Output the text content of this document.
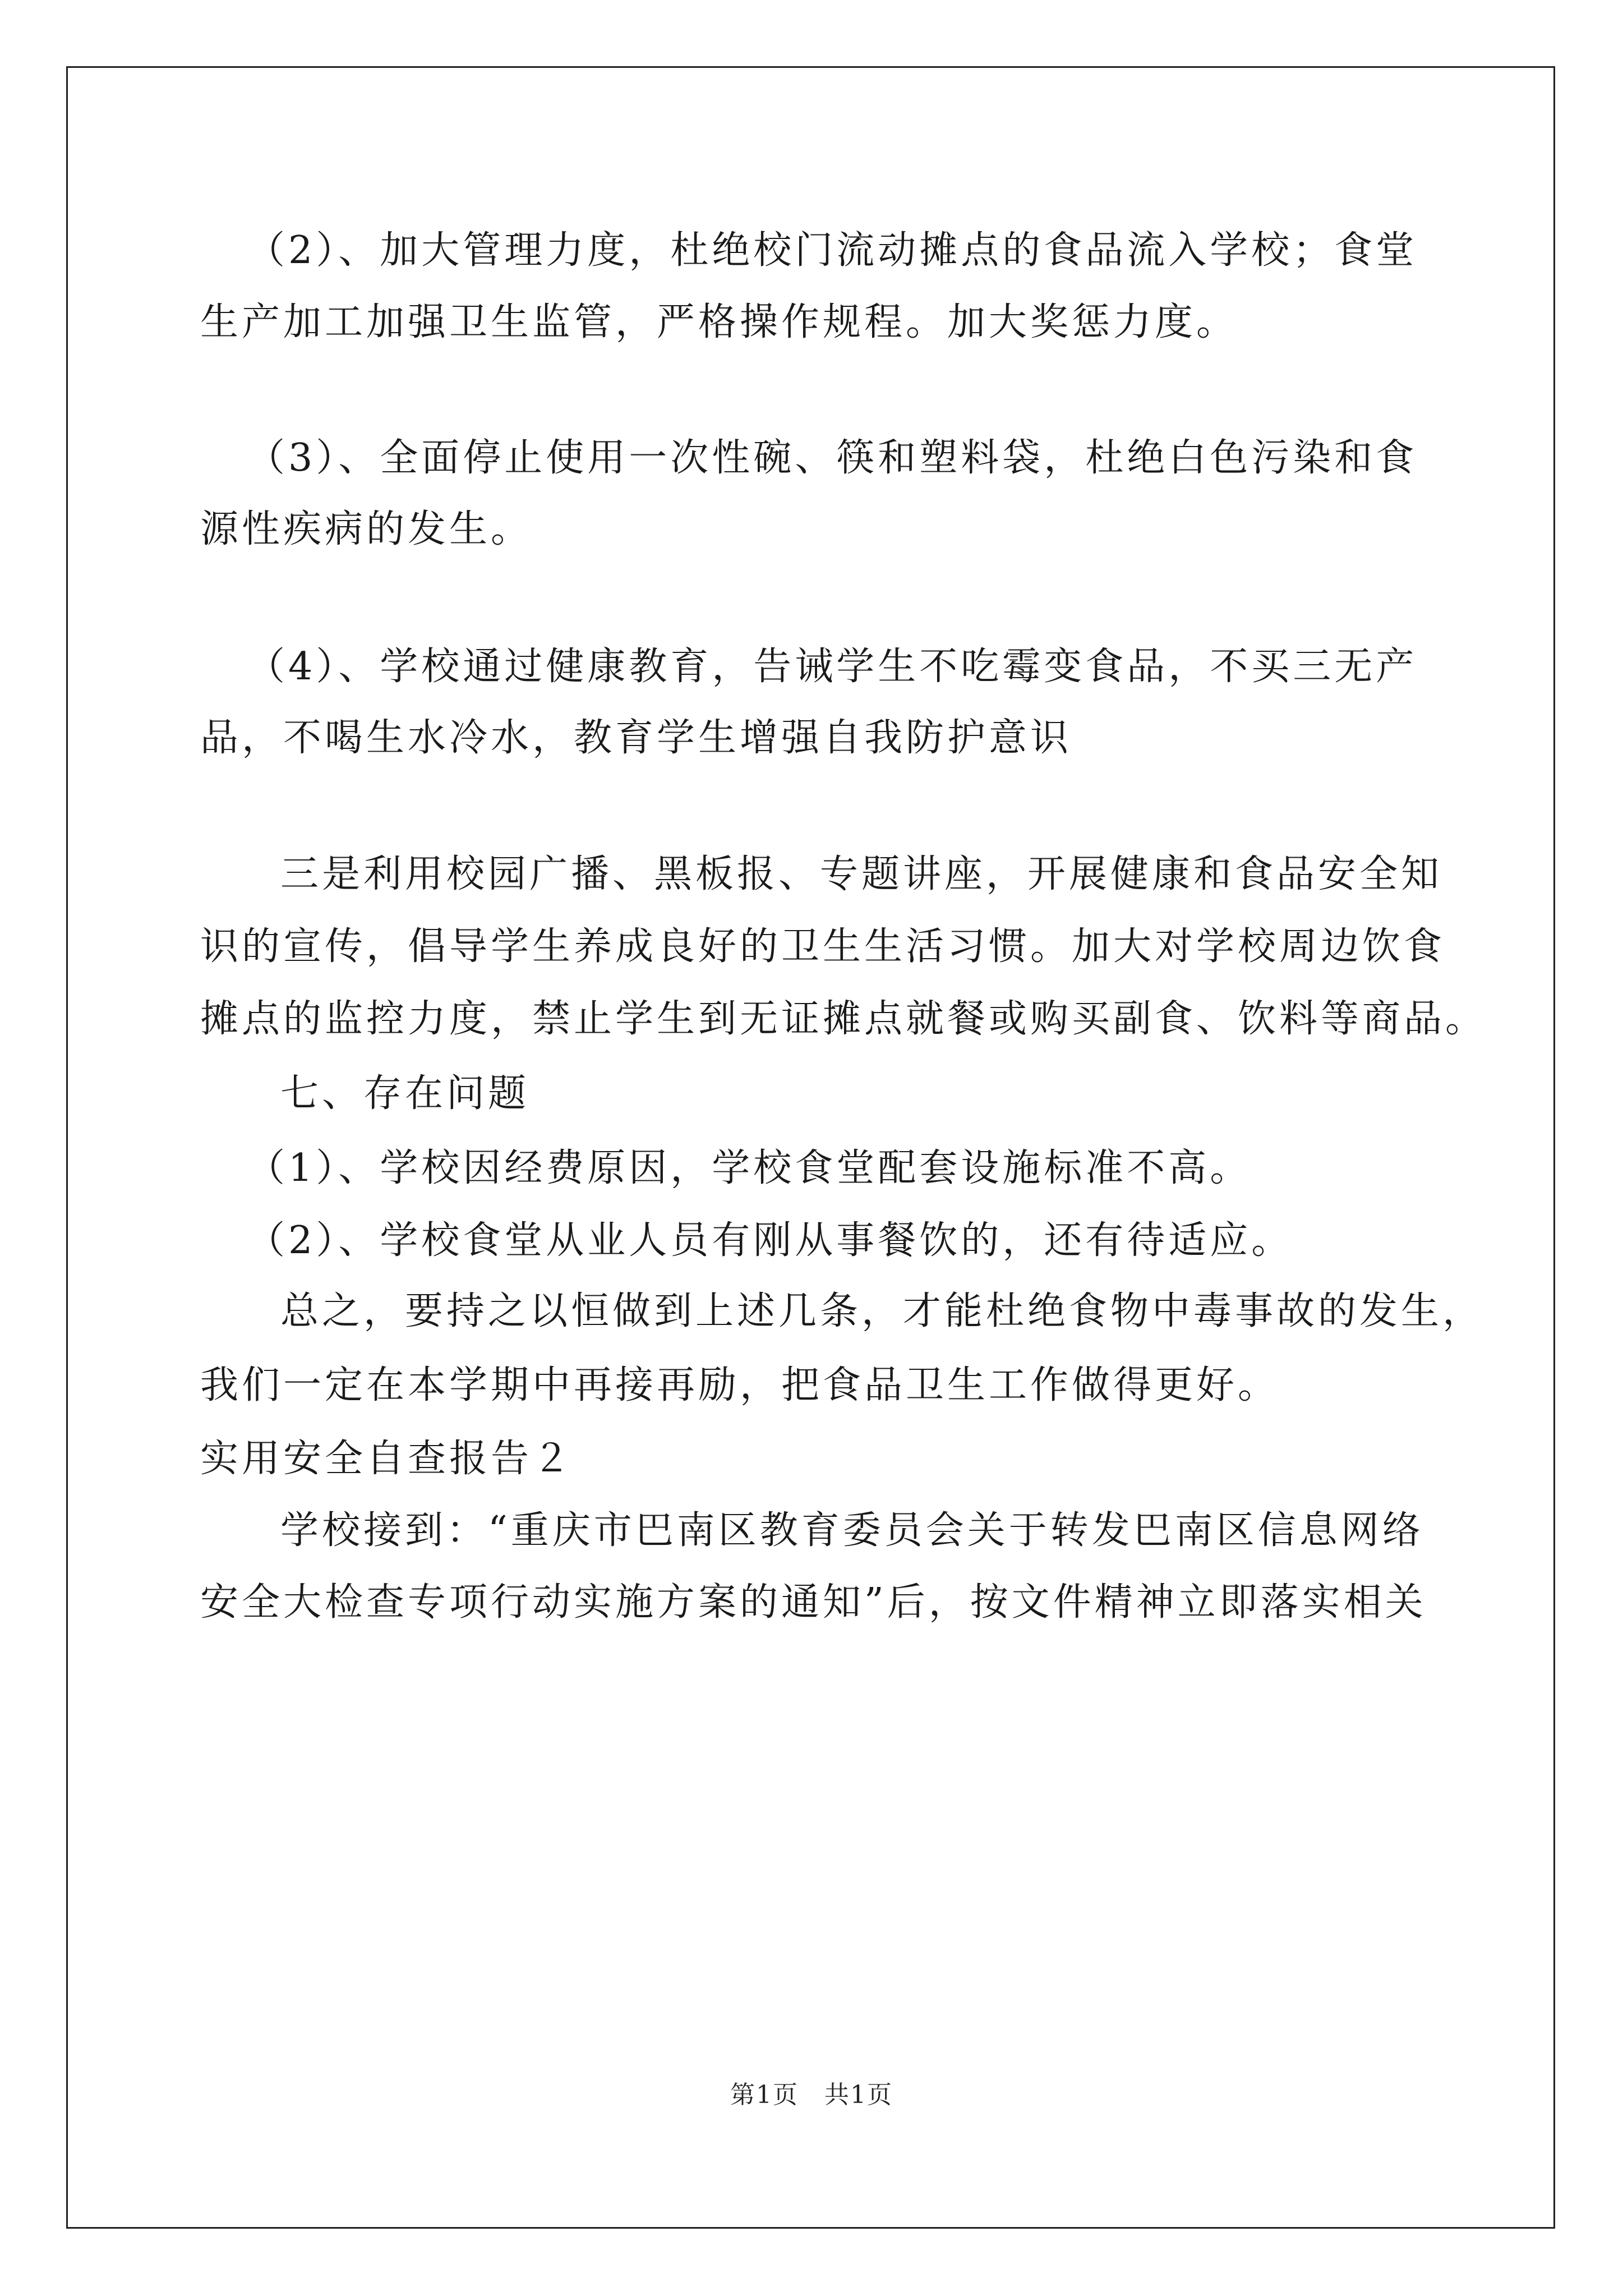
（2）、加大管理力度，杜绝校门流动摊点的食品流入学校；食堂
生产加工加强卫生监管，严格操作规程。加大奖惩力度。
（3）、全面停止使用一次性碗、筷和塑料袋，杜绝白色污染和食
源性疾病的发生。
（4）、学校通过健康教育，告诫学生不吃霉变食品，不买三无产
品，不喝生水冷水，教育学生增强自我防护意识
三是利用校园广播、黑板报、专题讲座，开展健康和食品安全知
识的宣传，倡导学生养成良好的卫生生活习惯。加大对学校周边饮食
摊点的监控力度，禁止学生到无证摊点就餐或购买副食、饮料等商品。
七、存在问题
（1）、学校因经费原因，学校食堂配套设施标准不高。
（2）、学校食堂从业人员有刚从事餐饮的，还有待适应。
总之，要持之以恒做到上述几条，才能杜绝食物中毒事故的发生，
我们一定在本学期中再接再励，把食品卫生工作做得更好。
实用安全自查报告２
学校接到：“重庆市巴南区教育委员会关于转发巴南区信息网络
安全大检查专项行动实施方案的通知”后，按文件精神立即落实相关
第1页　共1页
